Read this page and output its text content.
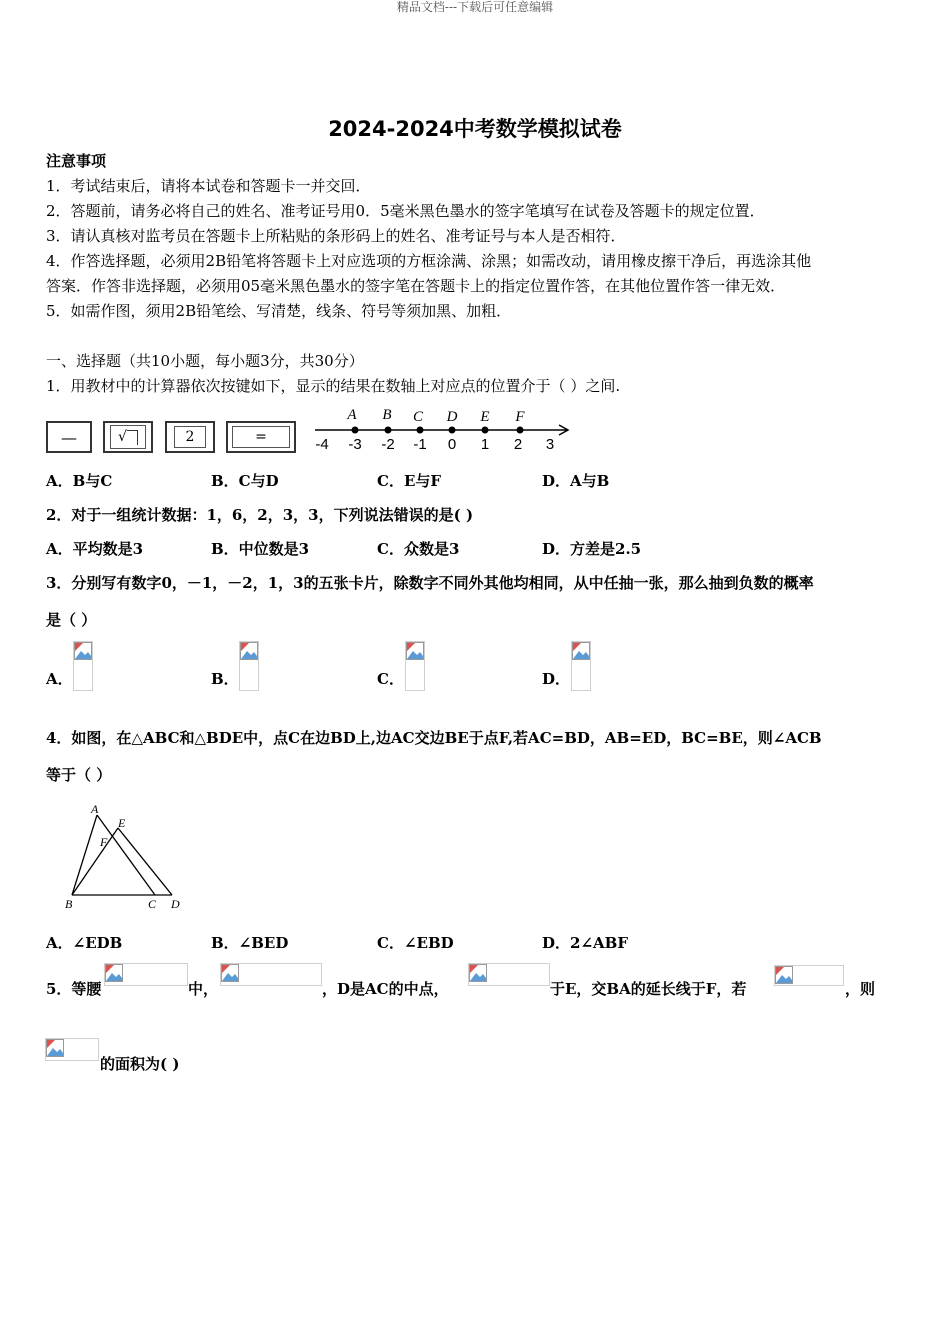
精品文档---下载后可任意编辑
2024-2024中考数学模拟试卷
注意事项
1．考试结束后，请将本试卷和答题卡一并交回．
2．答题前，请务必将自己的姓名、准考证号用0．5毫米黑色墨水的签字笔填写在试卷及答题卡的规定位置．
3．请认真核对监考员在答题卡上所粘贴的条形码上的姓名、准考证号与本人是否相符．
4．作答选择题，必须用2B铅笔将答题卡上对应选项的方框涂满、涂黑；如需改动，请用橡皮擦干净后，再选涂其他
答案．作答非选择题，必须用05毫米黑色墨水的签字笔在答题卡上的指定位置作答，在其他位置作答一律无效．
5．如需作图，须用2B铅笔绘、写清楚，线条、符号等须加黑、加粗．
一、选择题（共10小题，每小题3分，共30分）
1．用教材中的计算器依次按键如下，显示的结果在数轴上对应点的位置介于（ ）之间.
—	√	2	=	-4 -3 -2 -1 0 1 2 3
A B C D E F
A．B与C	B．C与D	C．E与F	D．A与B
2．对于一组统计数据：1，6，2，3，3，下列说法错误的是( )
A．平均数是3	B．中位数是3	C．众数是3	D．方差是2.5
3．分别写有数字0，－1，－2，1，3的五张卡片，除数字不同外其他均相同，从中任抽一张，那么抽到负数的概率
是（ ）
A．	B．	C．	D．
4．如图，在△ABC和△BDE中，点C在边BD上,边AC交边BE于点F,若AC=BD，AB=ED，BC=BE，则∠ACB
等于（ ）
A
E
F
B	C D
A．∠EDB	B．∠BED	C．∠EBD	D．2∠ABF
5．等腰	中，	，D是AC的中点，	于E，交BA的延长线于F，若	，则
的面积为( )
